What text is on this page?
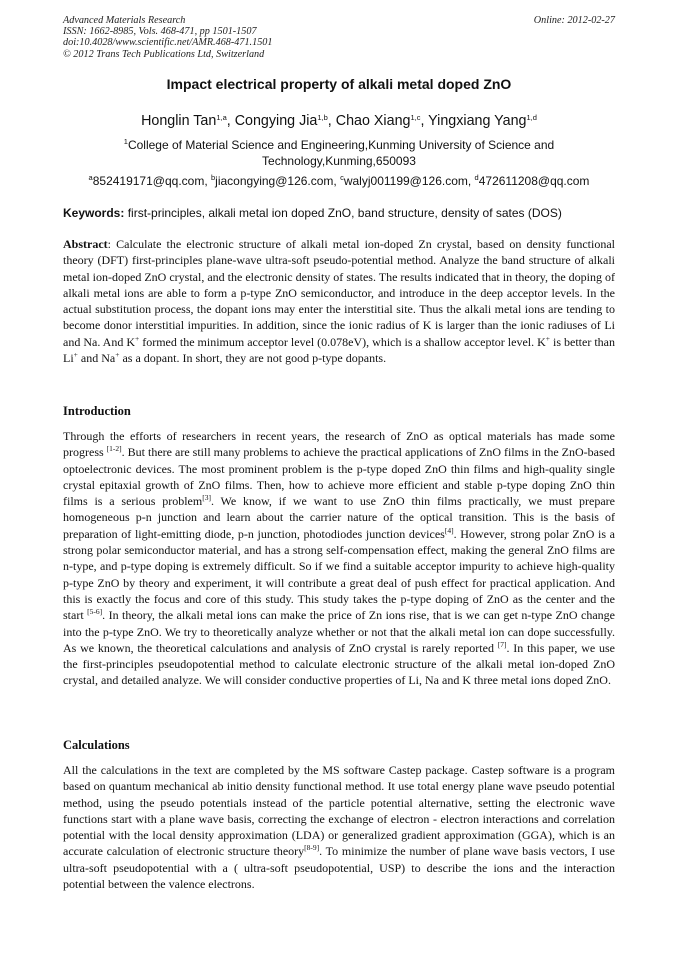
Advanced Materials Research
ISSN: 1662-8985, Vols. 468-471, pp 1501-1507
doi:10.4028/www.scientific.net/AMR.468-471.1501
© 2012 Trans Tech Publications Ltd, Switzerland
Online: 2012-02-27
Impact electrical property of alkali metal doped ZnO
Honglin Tan$^{1,a}$, Congying Jia$^{1,b}$, Chao Xiang$^{1,c}$, Yingxiang Yang$^{1,d}$
$^1$College of Material Science and Engineering,Kunming University of Science and Technology,Kunming,650093
$^a$852419171@qq.com, $^b$jiacongying@126.com, $^c$walyj001199@126.com, $^d$472611208@qq.com
Keywords: first-principles, alkali metal ion doped ZnO, band structure, density of sates (DOS)
Abstract: Calculate the electronic structure of alkali metal ion-doped Zn crystal, based on density functional theory (DFT) first-principles plane-wave ultra-soft pseudo-potential method. Analyze the band structure of alkali metal ion-doped ZnO crystal, and the electronic density of states. The results indicated that in theory, the doping of alkali metal ions are able to form a p-type ZnO semiconductor, and introduce in the deep acceptor levels. In the actual substitution process, the dopant ions may enter the interstitial site. Thus the alkali metal ions are tending to become donor interstitial impurities. In addition, since the ionic radius of K is larger than the ionic radiuses of Li and Na. And K+ formed the minimum acceptor level (0.078eV), which is a shallow acceptor level. K+ is better than Li+ and Na+ as a dopant. In short, they are not good p-type dopants.
Introduction
Through the efforts of researchers in recent years, the research of ZnO as optical materials has made some progress [1-2]. But there are still many problems to achieve the practical applications of ZnO films in the ZnO-based optoelectronic devices. The most prominent problem is the p-type doped ZnO thin films and high-quality single crystal epitaxial growth of ZnO films. Then, how to achieve more efficient and stable p-type doping ZnO thin films is a serious problem[3]. We know, if we want to use ZnO thin films practically, we must prepare homogeneous p-n junction and learn about the carrier nature of the optical transition. This is the basis of preparation of light-emitting diode, p-n junction, photodiodes junction devices[4]. However, strong polar ZnO is a strong polar semiconductor material, and has a strong self-compensation effect, making the general ZnO films are n-type, and p-type doping is extremely difficult. So if we find a suitable acceptor impurity to achieve high-quality p-type ZnO by theory and experiment, it will contribute a great deal of push effect for practical application. And this is exactly the focus and core of this study. This study takes the p-type doping of ZnO as the center and the start [5-6]. In theory, the alkali metal ions can make the price of Zn ions rise, that is we can get n-type ZnO change into the p-type ZnO. We try to theoretically analyze whether or not that the alkali metal ion can dope successfully. As we known, the theoretical calculations and analysis of ZnO crystal is rarely reported [7]. In this paper, we use the first-principles pseudopotential method to calculate electronic structure of the alkali metal ion-doped ZnO crystal, and detailed analyze. We will consider conductive properties of Li, Na and K three metal ions doped ZnO.
Calculations
All the calculations in the text are completed by the MS software Castep package. Castep software is a program based on quantum mechanical ab initio density functional method. It use total energy plane wave pseudo potential method, using the pseudo potentials instead of the particle potential alternative, setting the electronic wave functions start with a plane wave basis, correcting the exchange of electron - electron interactions and correlation potential with the local density approximation (LDA) or generalized gradient approximation (GGA), which is an accurate calculation of electronic structure theory[8-9]. To minimize the number of plane wave basis vectors, I use ultra-soft pseudopotential with a ( ultra-soft pseudopotential, USP) to describe the ions and the interaction potential between the valence electrons.
